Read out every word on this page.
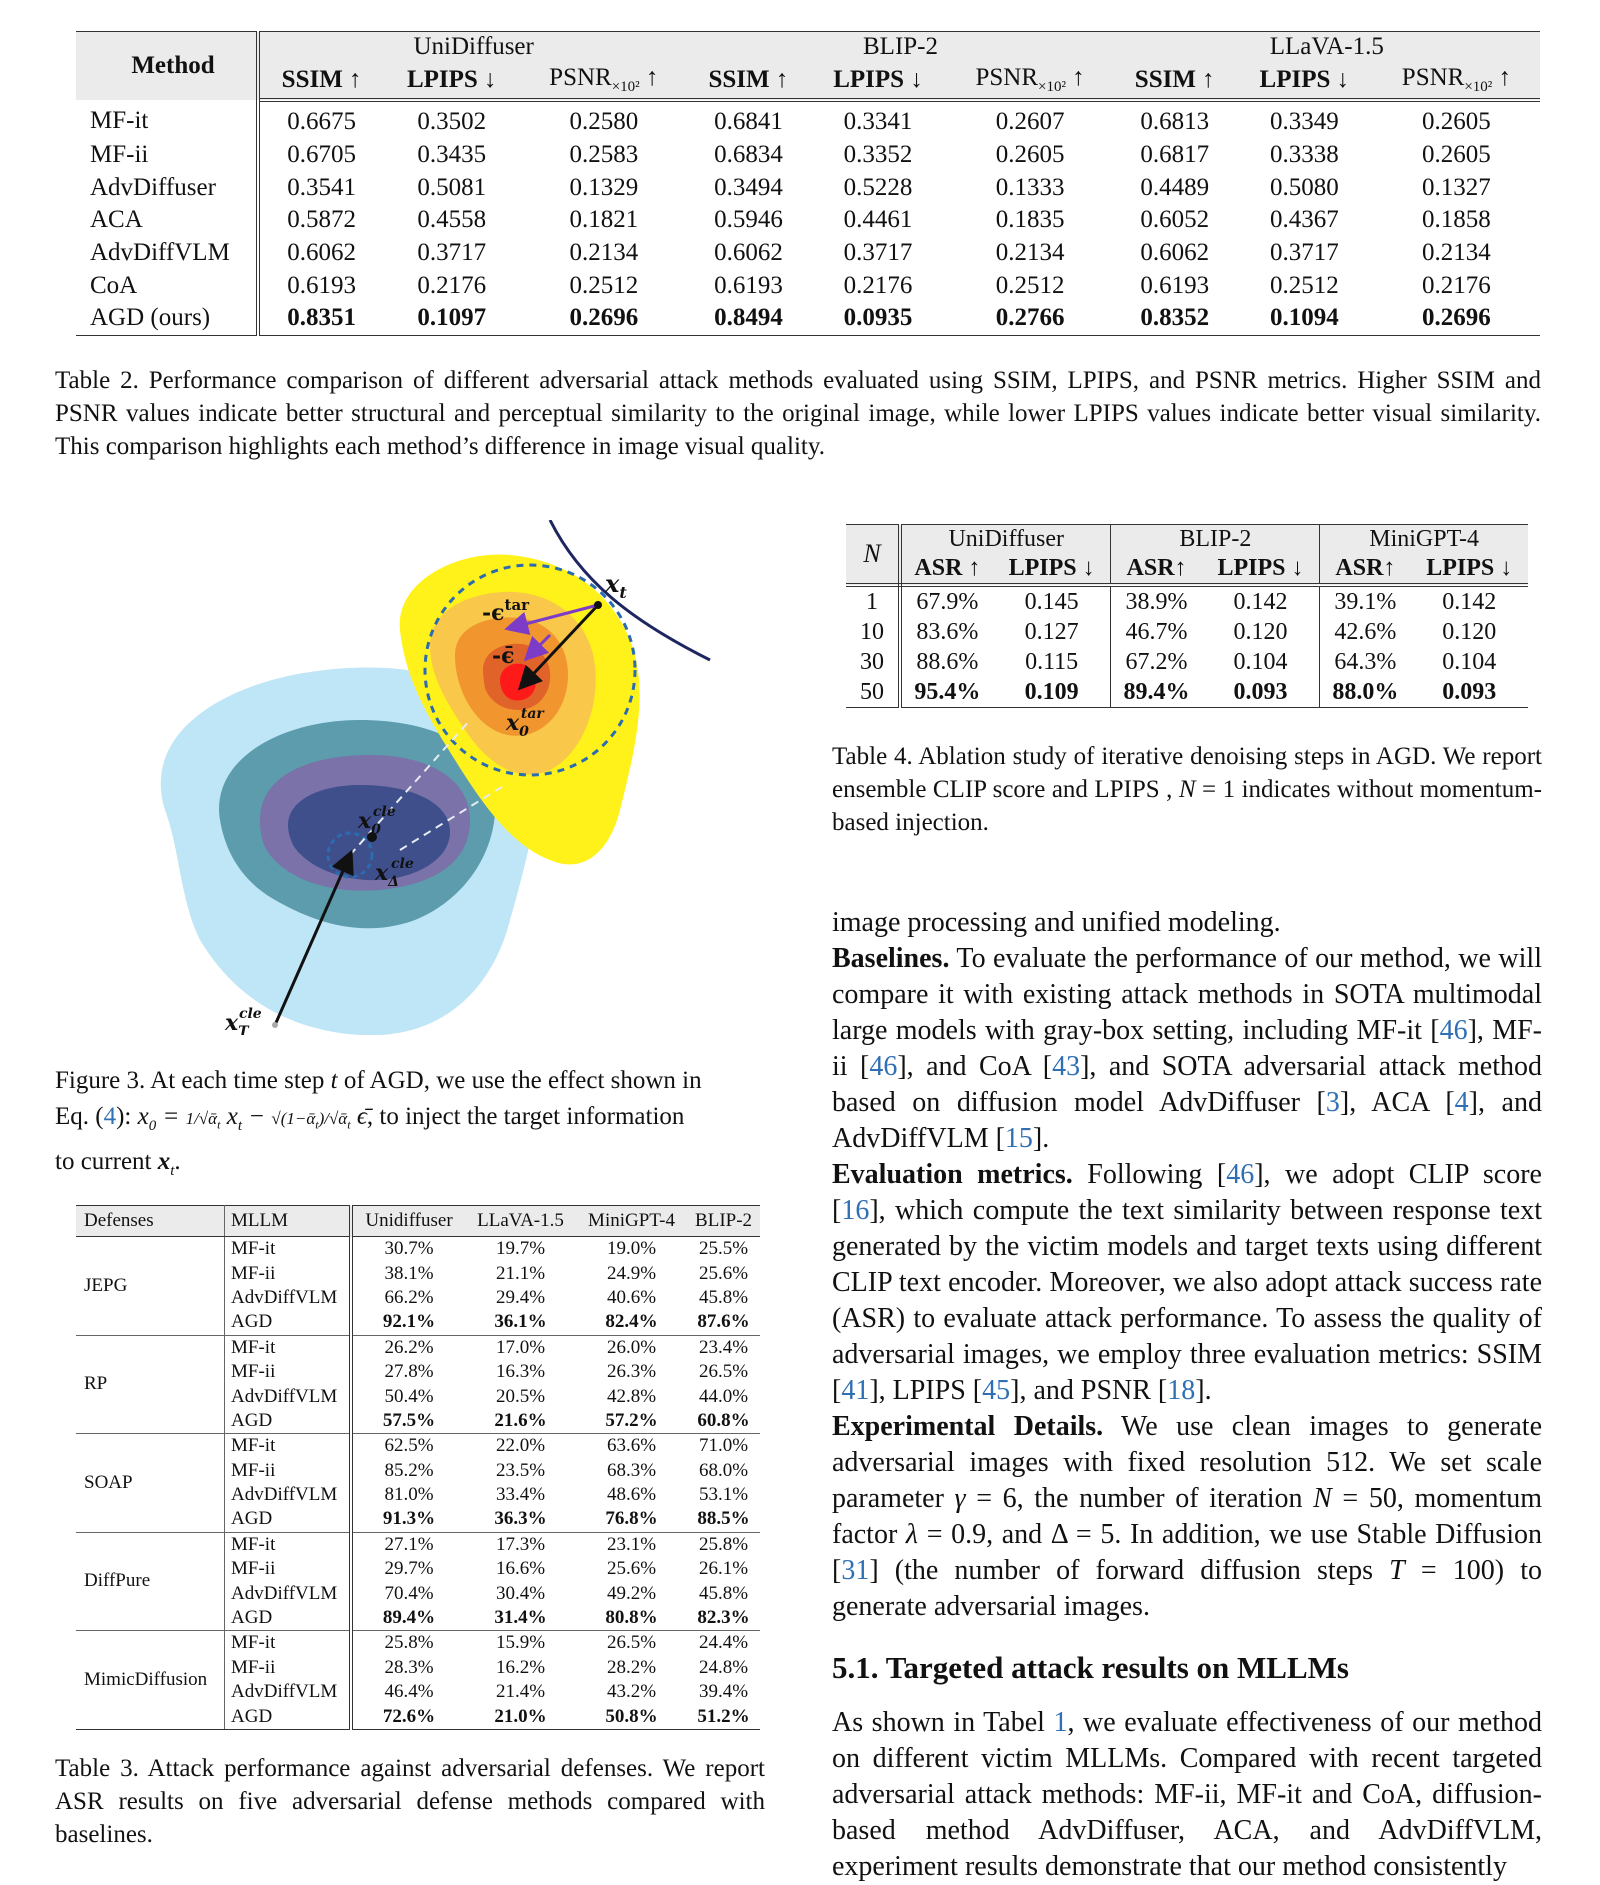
Method	UniDiffuser			BLIP-2			LLaVA-1.5		
	SSIM ↑	LPIPS ↓	$PSNR_{\times 10^2}$ ↑	SSIM ↑	LPIPS ↓	$PSNR_{\times 10^2}$ ↑	SSIM ↑	LPIPS ↓	$PSNR_{\times 10^2}$ ↑
MF-it	0.6675	0.3502	0.2580	0.6841	0.3341	0.2607	0.6813	0.3349	0.2605
MF-ii	0.6705	0.3435	0.2583	0.6834	0.3352	0.2605	0.6817	0.3338	0.2605
AdvDiffuser	0.3541	0.5081	0.1329	0.3494	0.5228	0.1333	0.4489	0.5080	0.1327
ACA	0.5872	0.4558	0.1821	0.5946	0.4461	0.1835	0.6052	0.4367	0.1858
AdvDiffVLM	0.6062	0.3717	0.2134	0.6062	0.3717	0.2134	0.6062	0.3717	0.2134
CoA	0.6193	0.2176	0.2512	0.6193	0.2176	0.2512	0.6193	0.2512	0.2176
AGD (ours)	0.8351	0.1097	0.2696	0.8494	0.0935	0.2766	0.8352	0.1094	0.2696
Table 2. Performance comparison of different adversarial attack methods evaluated using SSIM, LPIPS, and PSNR metrics. Higher SSIM and PSNR values indicate better structural and perceptual similarity to the original image, while lower LPIPS values indicate better visual similarity. This comparison highlights each method’s difference in image visual quality.
$x_t$
$-\epsilon^{tar}$
-ϵ̄
$x_0tar$
$x_0cle$
$x_\Delta cle$
$x_Tcle$
Figure 3. At each time step t of AGD, we use the effect shown in
Eq. (4): $x_0$ = 1/√ᾱ$_t$ $x_t$ − √(1−ᾱ$_t$)/√ᾱ$_t$ ϵ̄, to inject the target information
to current $x_t$.
N	UniDiffuser		BLIP-2		MiniGPT-4	
	ASR ↑	LPIPS ↓	ASR↑	LPIPS ↓	ASR↑	LPIPS ↓
1	67.9%	0.145	38.9%	0.142	39.1%	0.142
10	83.6%	0.127	46.7%	0.120	42.6%	0.120
30	88.6%	0.115	67.2%	0.104	64.3%	0.104
50	95.4%	0.109	89.4%	0.093	88.0%	0.093
Table 4. Ablation study of iterative denoising steps in AGD. We report ensemble CLIP score and LPIPS , N = 1 indicates without momentum-based injection.
Defenses	MLLM	Unidiffuser	LLaVA-1.5	MiniGPT-4	BLIP-2
JEPG	MF-it	30.7%	19.7%	19.0%	25.5%
	MF-ii	38.1%	21.1%	24.9%	25.6%
	AdvDiffVLM	66.2%	29.4%	40.6%	45.8%
	AGD	92.1%	36.1%	82.4%	87.6%
RP	MF-it	26.2%	17.0%	26.0%	23.4%
	MF-ii	27.8%	16.3%	26.3%	26.5%
	AdvDiffVLM	50.4%	20.5%	42.8%	44.0%
	AGD	57.5%	21.6%	57.2%	60.8%
SOAP	MF-it	62.5%	22.0%	63.6%	71.0%
	MF-ii	85.2%	23.5%	68.3%	68.0%
	AdvDiffVLM	81.0%	33.4%	48.6%	53.1%
	AGD	91.3%	36.3%	76.8%	88.5%
DiffPure	MF-it	27.1%	17.3%	23.1%	25.8%
	MF-ii	29.7%	16.6%	25.6%	26.1%
	AdvDiffVLM	70.4%	30.4%	49.2%	45.8%
	AGD	89.4%	31.4%	80.8%	82.3%
MimicDiffusion	MF-it	25.8%	15.9%	26.5%	24.4%
	MF-ii	28.3%	16.2%	28.2%	24.8%
	AdvDiffVLM	46.4%	21.4%	43.2%	39.4%
	AGD	72.6%	21.0%	50.8%	51.2%
Table 3. Attack performance against adversarial defenses. We report ASR results on five adversarial defense methods compared with baselines.

image processing and unified modeling.

Baselines. To evaluate the performance of our method, we will compare it with existing attack methods in SOTA multimodal large models with gray-box setting, including MF-it [46], MF-ii [46], and CoA [43], and SOTA adversarial attack method based on diffusion model AdvDiffuser [3], ACA [4], and AdvDiffVLM [15].

Evaluation metrics. Following [46], we adopt CLIP score [16], which compute the text similarity between response text generated by the victim models and target texts using different CLIP text encoder. Moreover, we also adopt attack success rate (ASR) to evaluate attack performance. To assess the quality of adversarial images, we employ three evaluation metrics: SSIM [41], LPIPS [45], and PSNR [18].

Experimental Details. We use clean images to generate adversarial images with fixed resolution 512. We set scale parameter γ = 6, the number of iteration N = 50, momentum factor λ = 0.9, and Δ = 5. In addition, we use Stable Diffusion [31] (the number of forward diffusion steps T = 100) to generate adversarial images.

5.1. Targeted attack results on MLLMs
As shown in Tabel 1, we evaluate effectiveness of our method on different victim MLLMs. Compared with recent targeted adversarial attack methods: MF-ii, MF-it and CoA, diffusion-based method AdvDiffuser, ACA, and AdvDiffVLM, experiment results demonstrate that our method consistently
